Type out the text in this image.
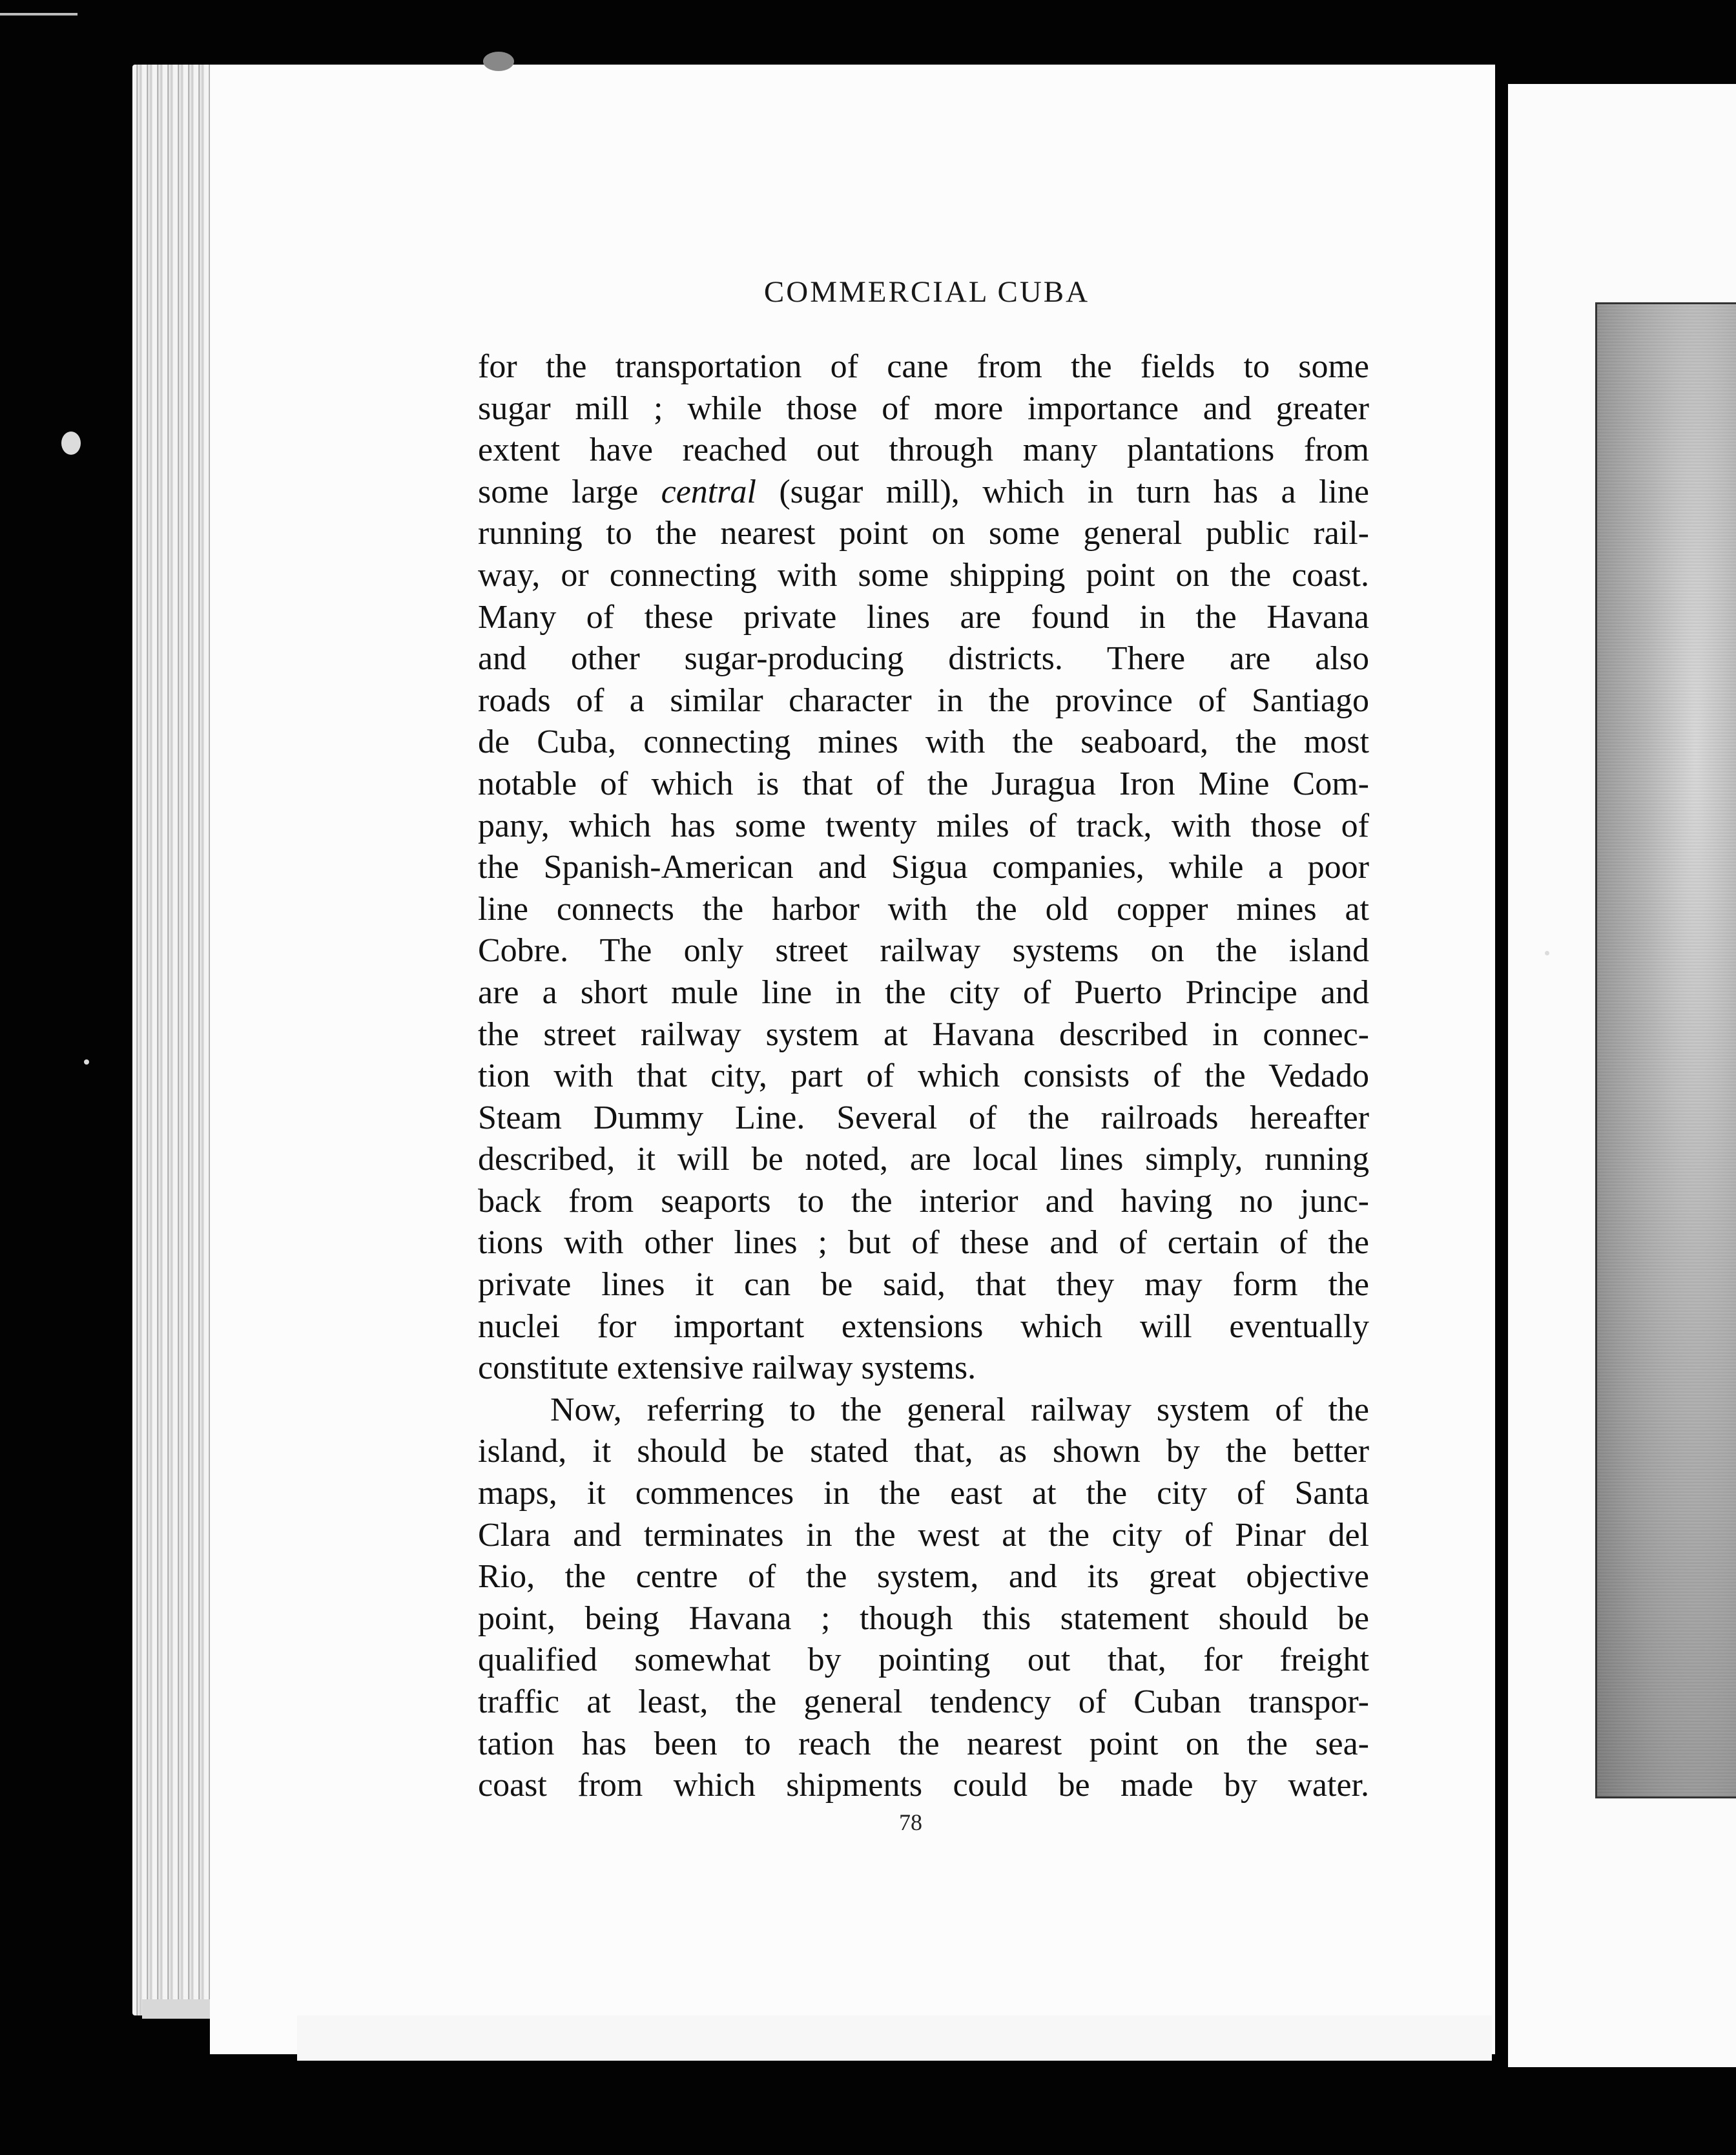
COMMERCIAL CUBA
for the transportation of cane from the fields to some
sugar mill ; while those of more importance and greater
extent have reached out through many plantations from
some large central (sugar mill), which in turn has a line
running to the nearest point on some general public rail-
way, or connecting with some shipping point on the coast.
Many of these private lines are found in the Havana
and other sugar-producing districts. There are also
roads of a similar character in the province of Santiago
de Cuba, connecting mines with the seaboard, the most
notable of which is that of the Juragua Iron Mine Com-
pany, which has some twenty miles of track, with those of
the Spanish-American and Sigua companies, while a poor
line connects the harbor with the old copper mines at
Cobre. The only street railway systems on the island
are a short mule line in the city of Puerto Principe and
the street railway system at Havana described in connec-
tion with that city, part of which consists of the Vedado
Steam Dummy Line. Several of the railroads hereafter
described, it will be noted, are local lines simply, running
back from seaports to the interior and having no junc-
tions with other lines ; but of these and of certain of the
private lines it can be said, that they may form the
nuclei for important extensions which will eventually
constitute extensive railway systems.
Now, referring to the general railway system of the
island, it should be stated that, as shown by the better
maps, it commences in the east at the city of Santa
Clara and terminates in the west at the city of Pinar del
Rio, the centre of the system, and its great objective
point, being Havana ; though this statement should be
qualified somewhat by pointing out that, for freight
traffic at least, the general tendency of Cuban transpor-
tation has been to reach the nearest point on the sea-
coast from which shipments could be made by water.
78
